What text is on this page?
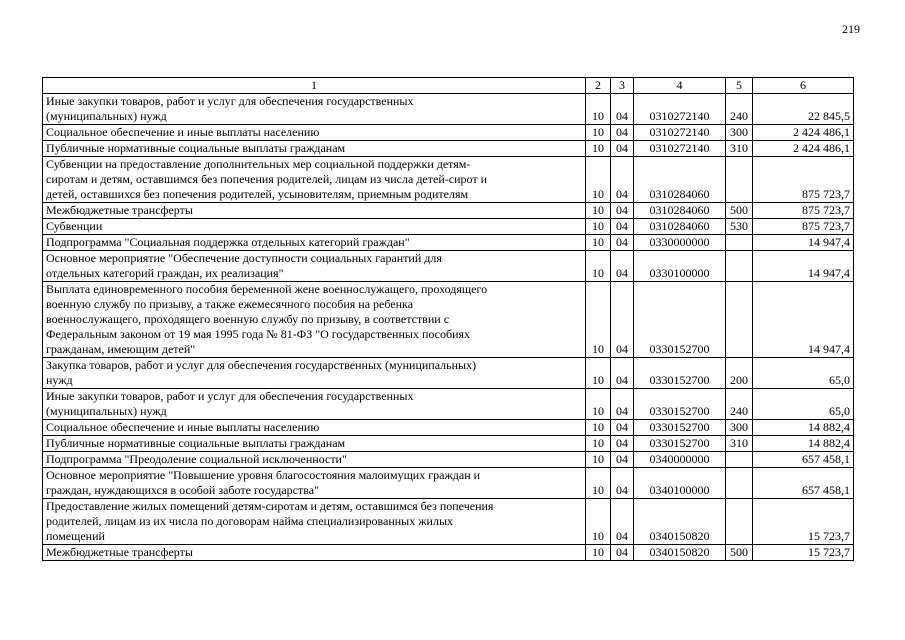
219
1	2	3	4	5	6
Иные закупки товаров, работ и услуг для обеспечения государственных
(муниципальных) нужд	10	04	0310272140	240	22 845,5
Социальное обеспечение и иные выплаты населению	10	04	0310272140	300	2 424 486,1
Публичные нормативные социальные выплаты гражданам	10	04	0310272140	310	2 424 486,1
Субвенции на предоставление дополнительных мер социальной поддержки детям-
сиротам и детям, оставшимся без попечения родителей, лицам из числа детей-сирот и
детей, оставшихся без попечения родителей, усыновителям, приемным родителям	10	04	0310284060		875 723,7
Межбюджетные трансферты	10	04	0310284060	500	875 723,7
Субвенции	10	04	0310284060	530	875 723,7
Подпрограмма "Социальная поддержка отдельных категорий граждан"	10	04	0330000000		14 947,4
Основное мероприятие "Обеспечение доступности социальных гарантий для
отдельных категорий граждан, их реализация"	10	04	0330100000		14 947,4
Выплата единовременного пособия беременной жене военнослужащего, проходящего
военную службу по призыву, а также ежемесячного пособия на ребенка
военнослужащего, проходящего военную службу по призыву, в соответствии с
Федеральным законом от 19 мая 1995 года № 81-ФЗ "О государственных пособиях
гражданам, имеющим детей"	10	04	0330152700		14 947,4
Закупка товаров, работ и услуг для обеспечения государственных (муниципальных)
нужд	10	04	0330152700	200	65,0
Иные закупки товаров, работ и услуг для обеспечения государственных
(муниципальных) нужд	10	04	0330152700	240	65,0
Социальное обеспечение и иные выплаты населению	10	04	0330152700	300	14 882,4
Публичные нормативные социальные выплаты гражданам	10	04	0330152700	310	14 882,4
Подпрограмма "Преодоление социальной исключенности"	10	04	0340000000		657 458,1
Основное мероприятие "Повышение уровня благосостояния малоимущих граждан и
граждан, нуждающихся в особой заботе государства"	10	04	0340100000		657 458,1
Предоставление жилых помещений детям-сиротам и детям, оставшимся без попечения
родителей, лицам из их числа по договорам найма специализированных жилых
помещений	10	04	0340150820		15 723,7
Межбюджетные трансферты	10	04	0340150820	500	15 723,7
